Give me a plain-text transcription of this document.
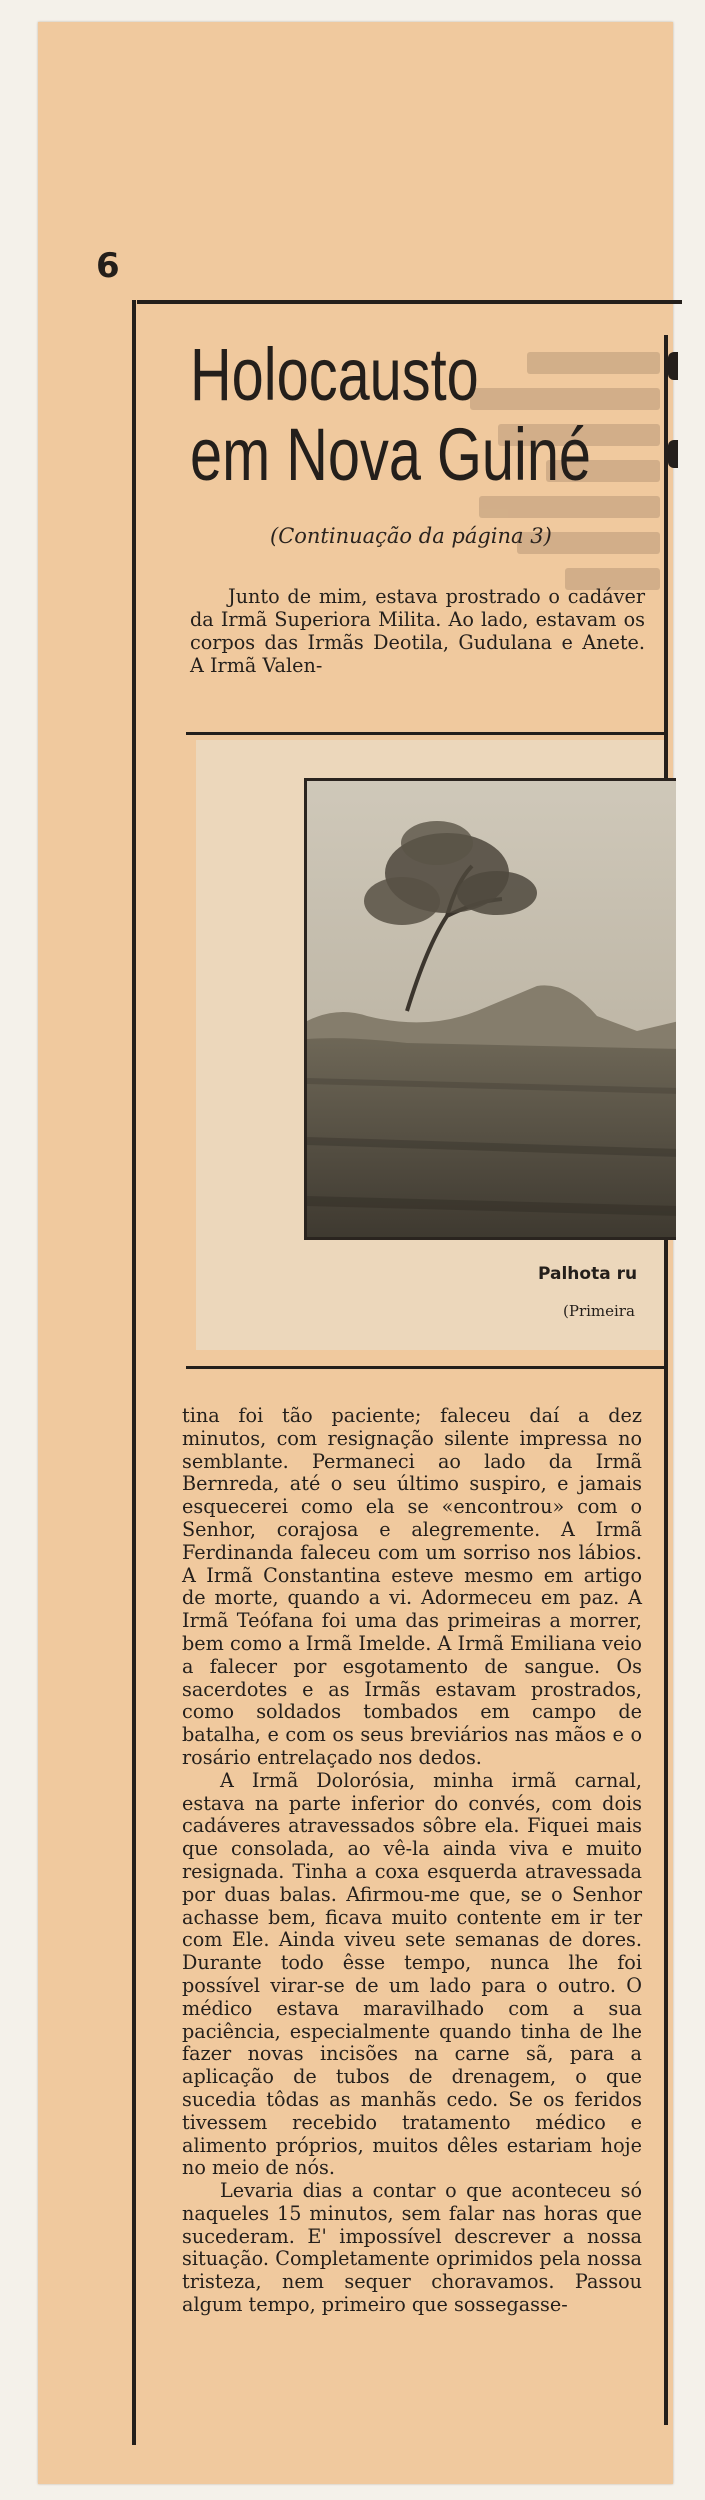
6
Holocausto
em Nova Guiné

(Continuação da página 3)

Junto de mim, estava prostrado o cadáver da Irmã Superiora Milita. Ao lado, estavam os corpos das Irmãs Deotila, Gudulana e Anete. A Irmã Valen-

Palhota ru
(Primeira

tina foi tão paciente; faleceu daí a dez minutos, com resignação silente impressa no semblante. Permaneci ao lado da Irmã Bernreda, até o seu último suspiro, e jamais esquecerei como ela se «encontrou» com o Senhor, corajosa e alegremente. A Irmã Ferdinanda faleceu com um sorriso nos lábios. A Irmã Constantina esteve mesmo em artigo de morte, quando a vi. Adormeceu em paz. A Irmã Teófana foi uma das primeiras a morrer, bem como a Irmã Imelde. A Irmã Emiliana veio a falecer por esgotamento de sangue. Os sacerdotes e as Irmãs estavam prostrados, como soldados tombados em campo de batalha, e com os seus breviários nas mãos e o rosário entrelaçado nos dedos.

A Irmã Dolorósia, minha irmã carnal, estava na parte inferior do convés, com dois cadáveres atravessados sôbre ela. Fiquei mais que consolada, ao vê-la ainda viva e muito resignada. Tinha a coxa esquerda atravessada por duas balas. Afirmou-me que, se o Senhor achasse bem, ficava muito contente em ir ter com Ele. Ainda viveu sete semanas de dores. Durante todo êsse tempo, nunca lhe foi possível virar-se de um lado para o outro. O médico estava maravilhado com a sua paciência, especialmente quando tinha de lhe fazer novas incisões na carne sã, para a aplicação de tubos de drenagem, o que sucedia tôdas as manhãs cedo. Se os feridos tivessem recebido tratamento médico e alimento próprios, muitos dêles estariam hoje no meio de nós.

Levaria dias a contar o que aconteceu só naqueles 15 minutos, sem falar nas horas que sucederam. E' impossível descrever a nossa situação. Completamente oprimidos pela nossa tristeza, nem sequer choravamos. Passou algum tempo, primeiro que sossegasse-
